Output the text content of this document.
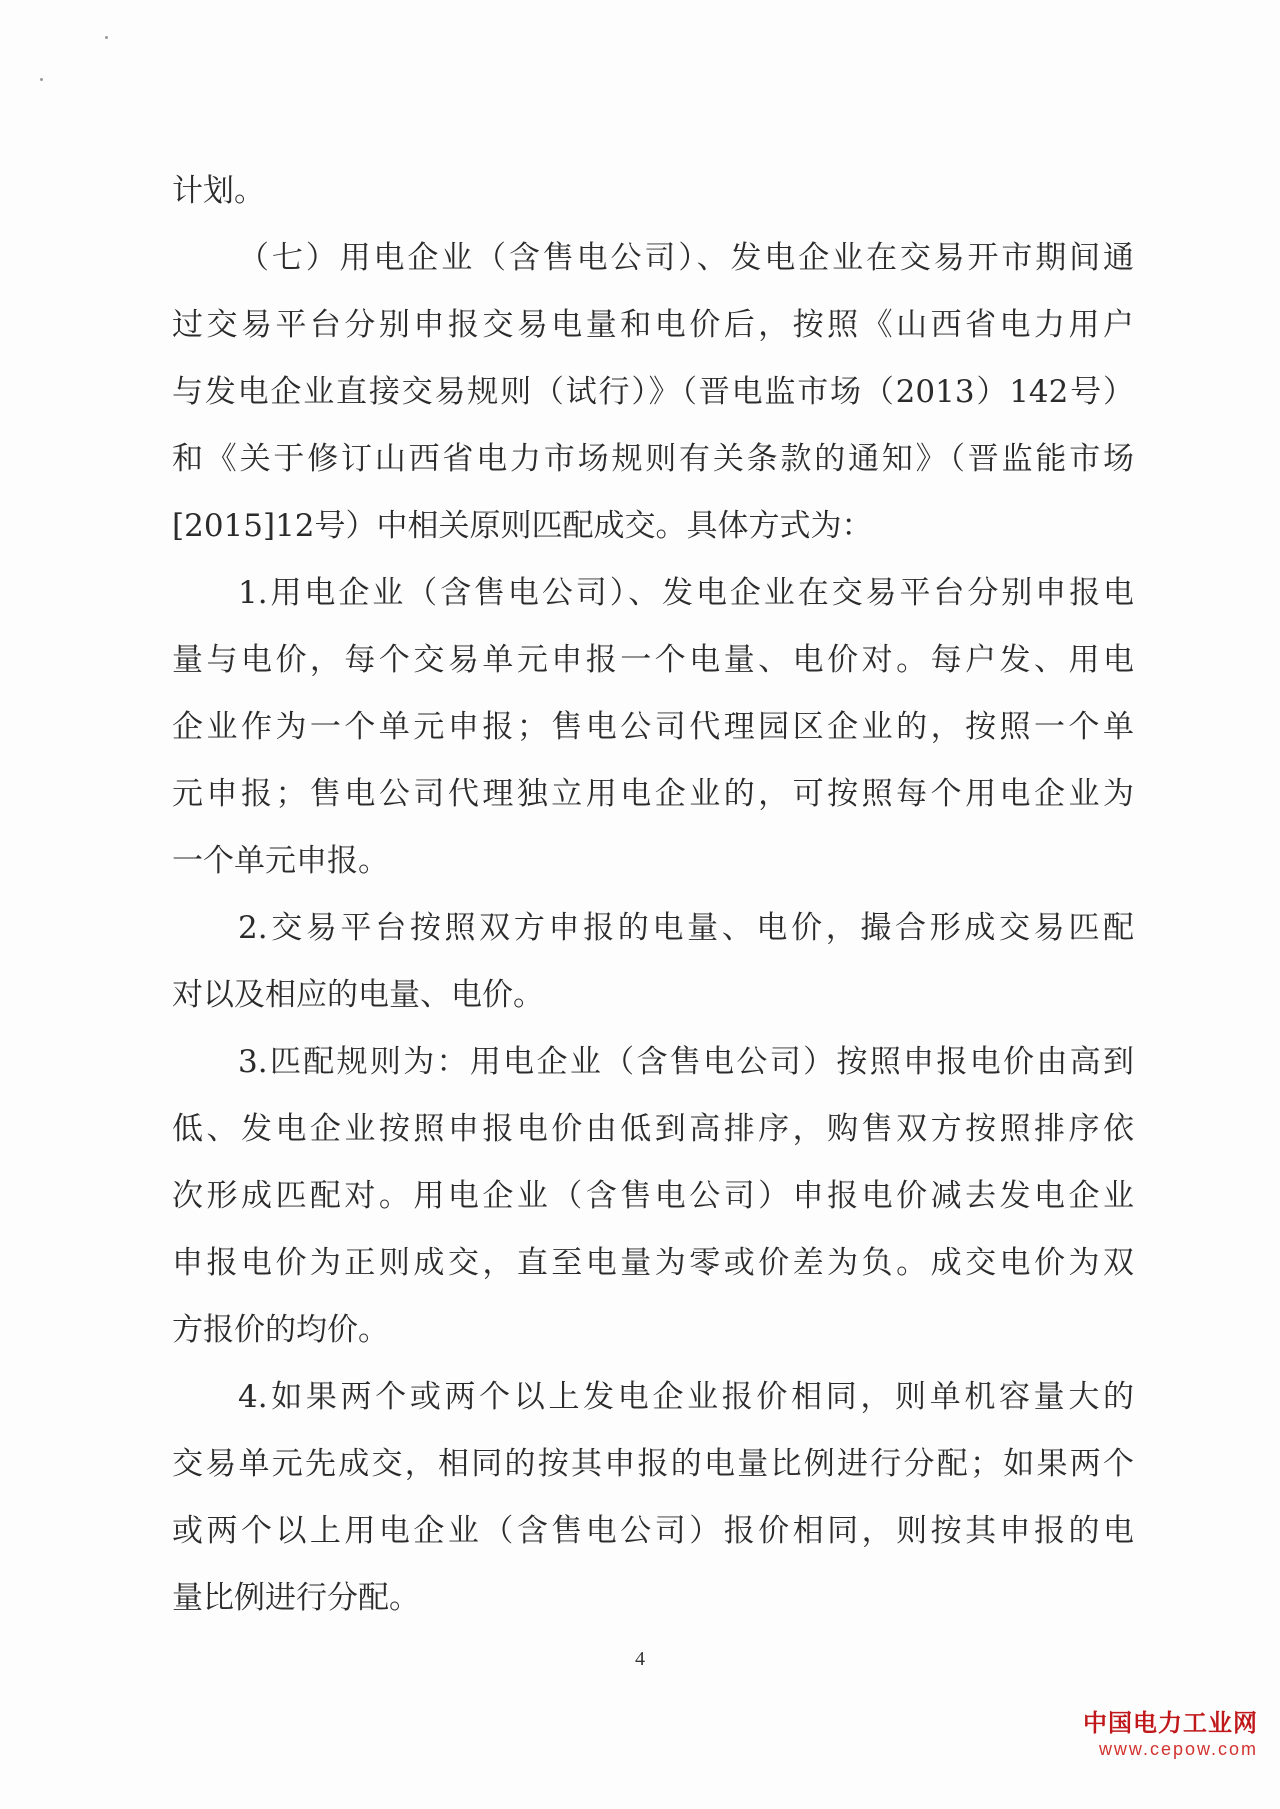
计划。
（七）用电企业（含售电公司）、发电企业在交易开市期间通
过交易平台分别申报交易电量和电价后，按照《山西省电力用户
与发电企业直接交易规则（试行）》（晋电监市场（2013）142号）
和《关于修订山西省电力市场规则有关条款的通知》（晋监能市场
[2015]12号）中相关原则匹配成交。具体方式为：
1.用电企业（含售电公司）、发电企业在交易平台分别申报电
量与电价，每个交易单元申报一个电量、电价对。每户发、用电
企业作为一个单元申报；售电公司代理园区企业的，按照一个单
元申报；售电公司代理独立用电企业的，可按照每个用电企业为
一个单元申报。
2.交易平台按照双方申报的电量、电价，撮合形成交易匹配
对以及相应的电量、电价。
3.匹配规则为：用电企业（含售电公司）按照申报电价由高到
低、发电企业按照申报电价由低到高排序，购售双方按照排序依
次形成匹配对。用电企业（含售电公司）申报电价减去发电企业
申报电价为正则成交，直至电量为零或价差为负。成交电价为双
方报价的均价。
4.如果两个或两个以上发电企业报价相同，则单机容量大的
交易单元先成交，相同的按其申报的电量比例进行分配；如果两个
或两个以上用电企业（含售电公司）报价相同，则按其申报的电
量比例进行分配。
4
中国电力工业网
www.cepow.com
